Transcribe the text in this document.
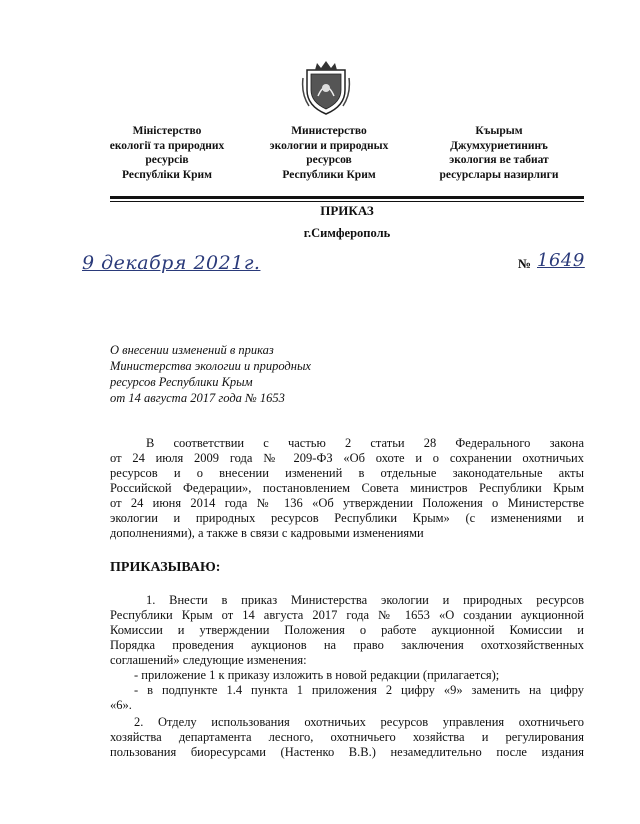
Міністерство
екології та природних
ресурсів
Республіки Крим
Министерство
экологии и природных
ресурсов
Республики Крим
Къырым
Джумхуриетининъ
экология ве табиат
ресурслары назирлиги
ПРИКАЗ
г.Симферополь
9 декабря 2021г.	№ 1649
О внесении изменений в приказ
Министерства экологии и природных
ресурсов Республики Крым
от 14 августа 2017 года № 1653
В соответствии с частью 2 статьи 28 Федерального закона
от 24 июля 2009 года № 209-ФЗ «Об охоте и о сохранении охотничьих
ресурсов и о внесении изменений в отдельные законодательные акты
Российской Федерации», постановлением Совета министров Республики Крым
от 24 июня 2014 года № 136 «Об утверждении Положения о Министерстве
экологии и природных ресурсов Республики Крым» (с изменениями и
дополнениями), а также в связи с кадровыми изменениями
ПРИКАЗЫВАЮ:
1. Внести в приказ Министерства экологии и природных ресурсов
Республики Крым от 14 августа 2017 года № 1653 «О создании аукционной
Комиссии и утверждении Положения о работе аукционной Комиссии и
Порядка проведения аукционов на право заключения охотхозяйственных
соглашений» следующие изменения:
- приложение 1 к приказу изложить в новой редакции (прилагается);
- в подпункте 1.4 пункта 1 приложения 2 цифру «9» заменить на цифру
«6».
2. Отделу использования охотничьих ресурсов управления охотничьего
хозяйства департамента лесного, охотничьего хозяйства и регулирования
пользования биоресурсами (Настенко В.В.) незамедлительно после издания
